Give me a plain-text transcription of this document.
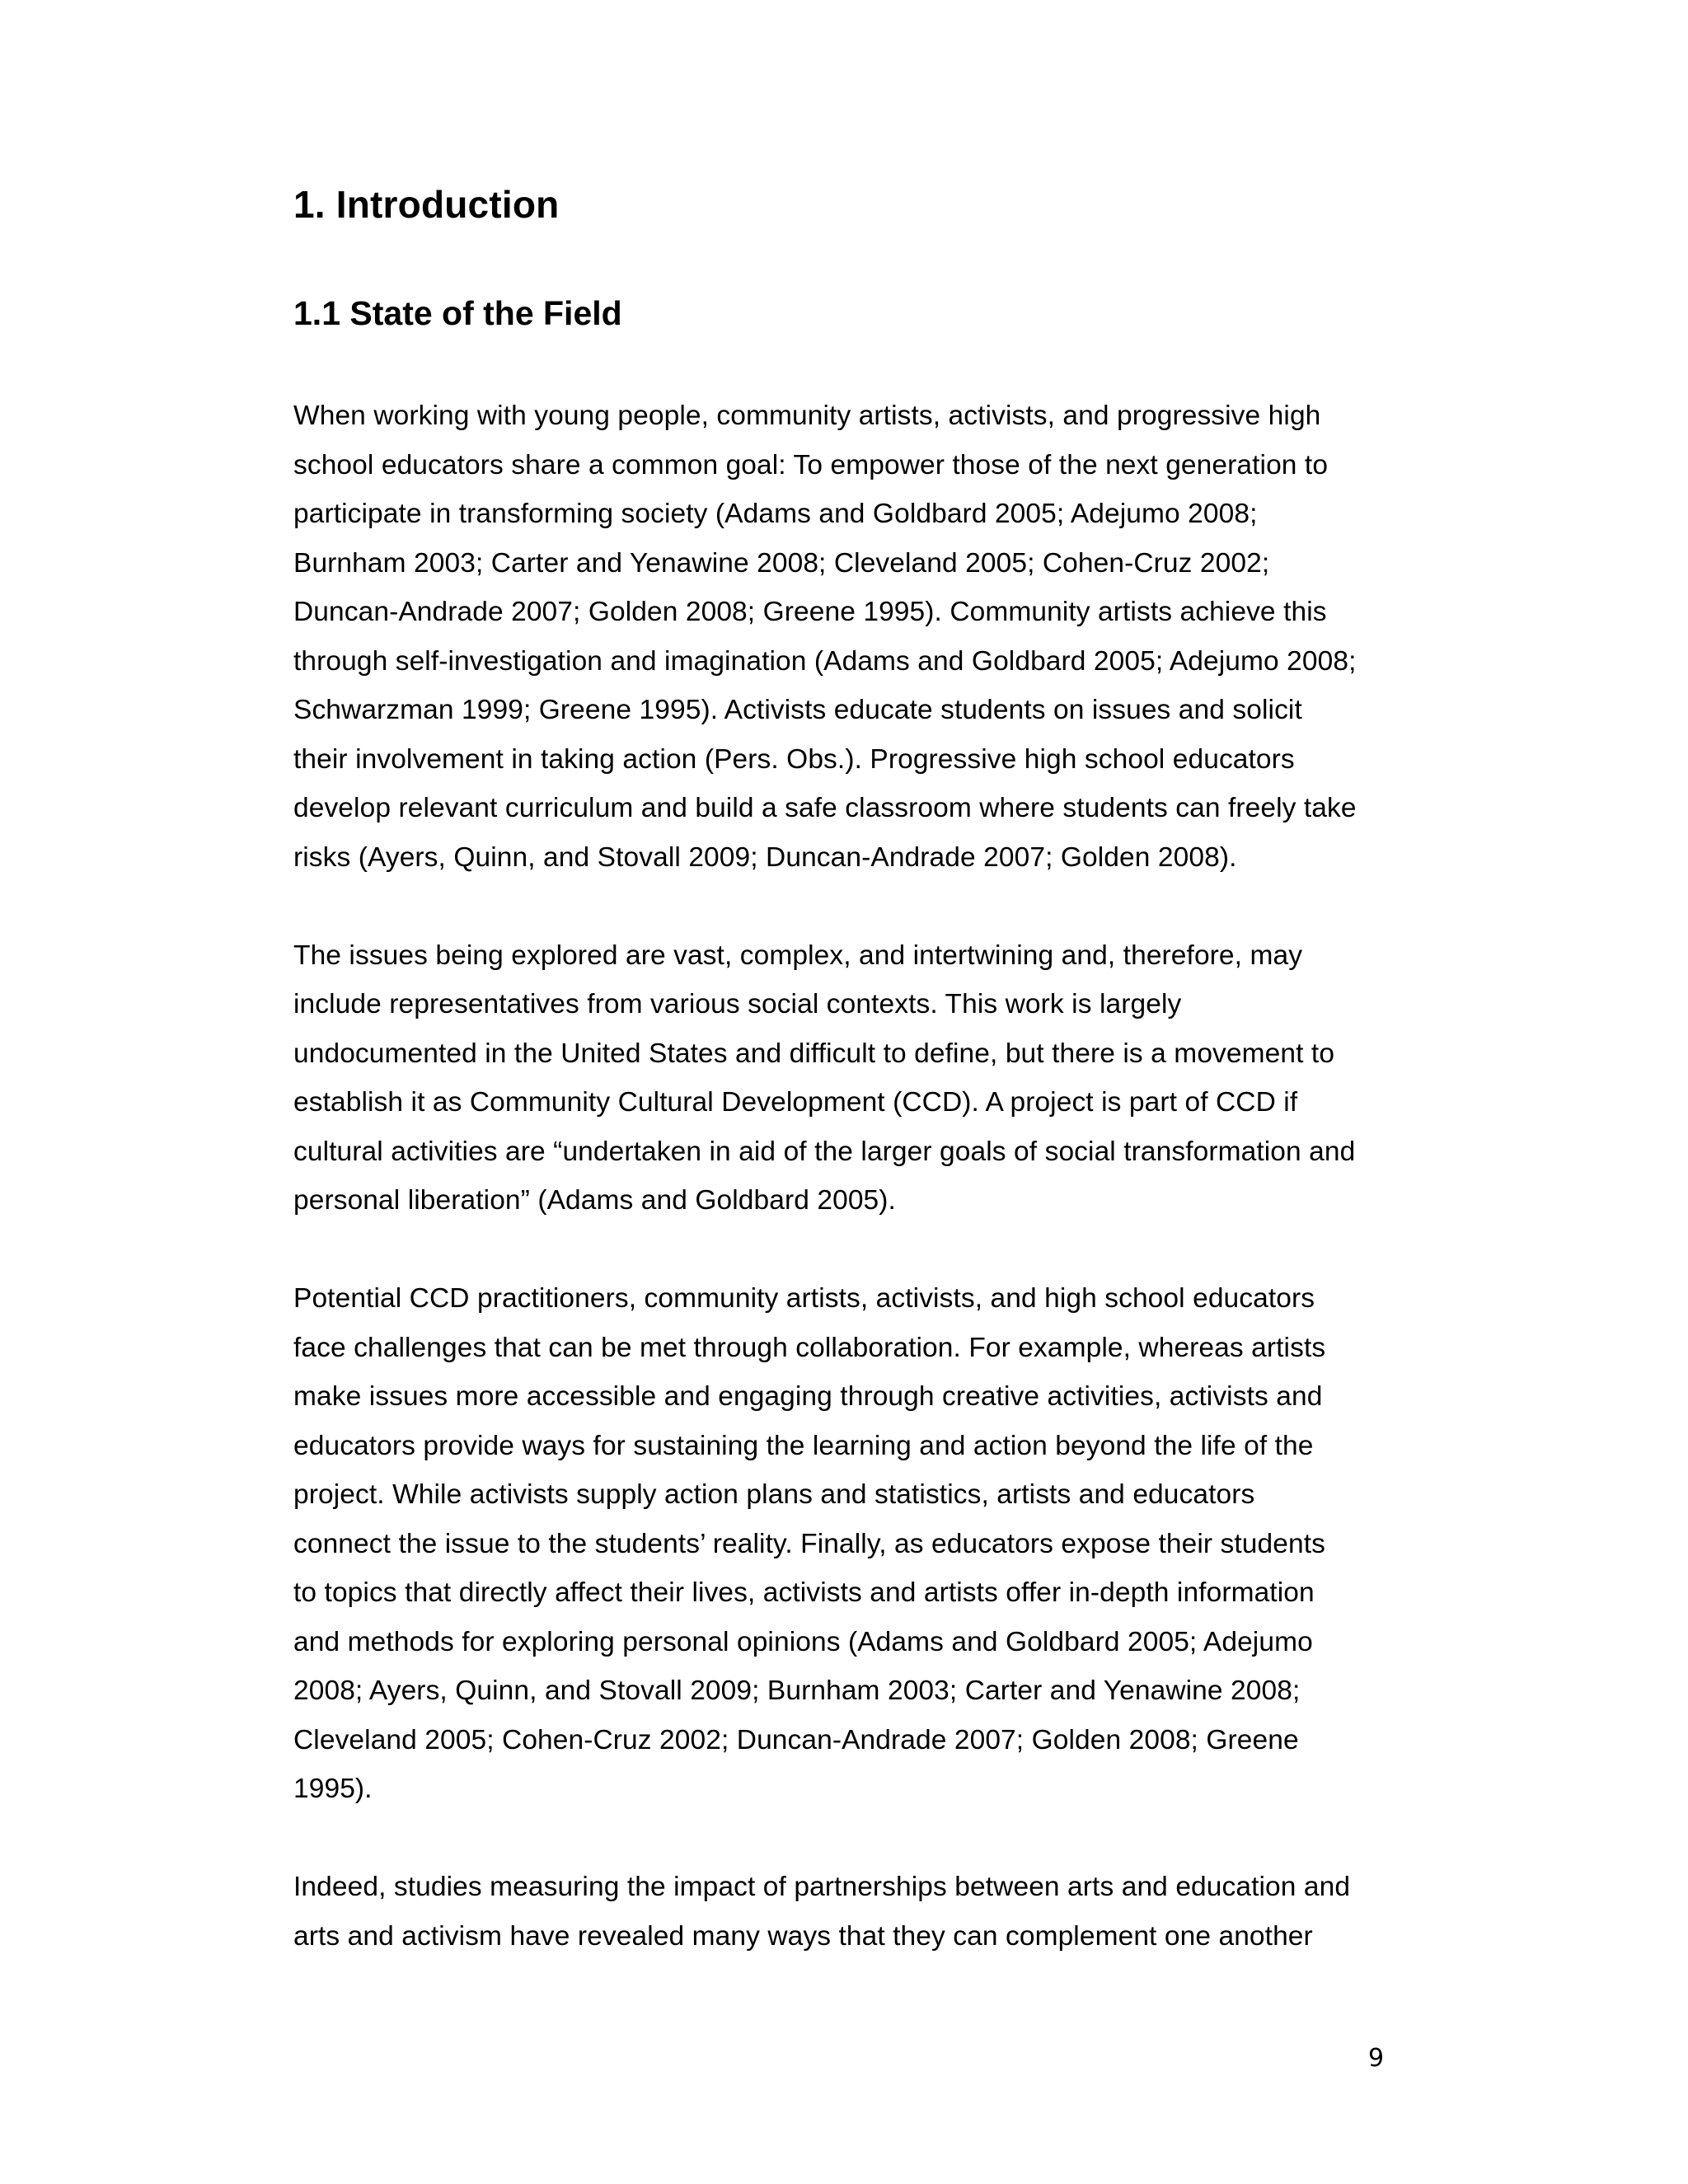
1. Introduction
1.1 State of the Field

When working with young people, community artists, activists, and progressive high
school educators share a common goal: To empower those of the next generation to
participate in transforming society (Adams and Goldbard 2005; Adejumo 2008;
Burnham 2003; Carter and Yenawine 2008; Cleveland 2005; Cohen-Cruz 2002;
Duncan-Andrade 2007; Golden 2008; Greene 1995). Community artists achieve this
through self-investigation and imagination (Adams and Goldbard 2005; Adejumo 2008;
Schwarzman 1999; Greene 1995). Activists educate students on issues and solicit
their involvement in taking action (Pers. Obs.). Progressive high school educators
develop relevant curriculum and build a safe classroom where students can freely take
risks (Ayers, Quinn, and Stovall 2009; Duncan-Andrade 2007; Golden 2008).

The issues being explored are vast, complex, and intertwining and, therefore, may
include representatives from various social contexts. This work is largely
undocumented in the United States and difficult to define, but there is a movement to
establish it as Community Cultural Development (CCD). A project is part of CCD if
cultural activities are “undertaken in aid of the larger goals of social transformation and
personal liberation” (Adams and Goldbard 2005).

Potential CCD practitioners, community artists, activists, and high school educators
face challenges that can be met through collaboration. For example, whereas artists
make issues more accessible and engaging through creative activities, activists and
educators provide ways for sustaining the learning and action beyond the life of the
project. While activists supply action plans and statistics, artists and educators
connect the issue to the students’ reality. Finally, as educators expose their students
to topics that directly affect their lives, activists and artists offer in-depth information
and methods for exploring personal opinions (Adams and Goldbard 2005; Adejumo
2008; Ayers, Quinn, and Stovall 2009; Burnham 2003; Carter and Yenawine 2008;
Cleveland 2005; Cohen-Cruz 2002; Duncan-Andrade 2007; Golden 2008; Greene
1995).

Indeed, studies measuring the impact of partnerships between arts and education and
arts and activism have revealed many ways that they can complement one another

9
